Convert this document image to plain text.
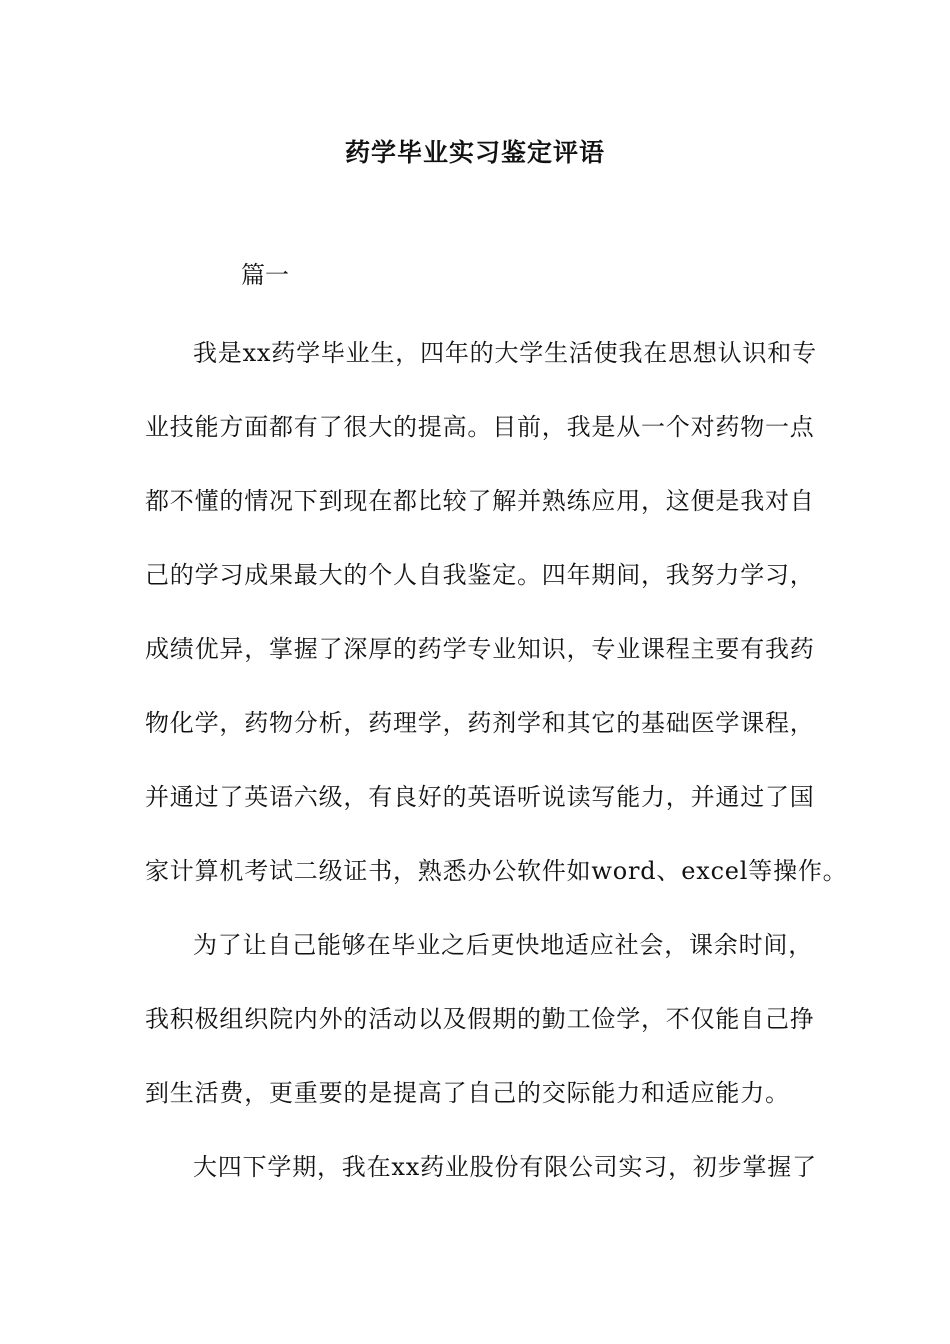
药学毕业实习鉴定评语

篇一

我是xx药学毕业生，四年的大学生活使我在思想认识和专
业技能方面都有了很大的提高。目前，我是从一个对药物一点
都不懂的情况下到现在都比较了解并熟练应用，这便是我对自
己的学习成果最大的个人自我鉴定。四年期间，我努力学习，
成绩优异，掌握了深厚的药学专业知识，专业课程主要有我药
物化学，药物分析，药理学，药剂学和其它的基础医学课程，
并通过了英语六级，有良好的英语听说读写能力，并通过了国
家计算机考试二级证书，熟悉办公软件如word、excel等操作。
为了让自己能够在毕业之后更快地适应社会，课余时间，
我积极组织院内外的活动以及假期的勤工俭学，不仅能自己挣
到生活费，更重要的是提高了自己的交际能力和适应能力。
大四下学期，我在xx药业股份有限公司实习，初步掌握了
